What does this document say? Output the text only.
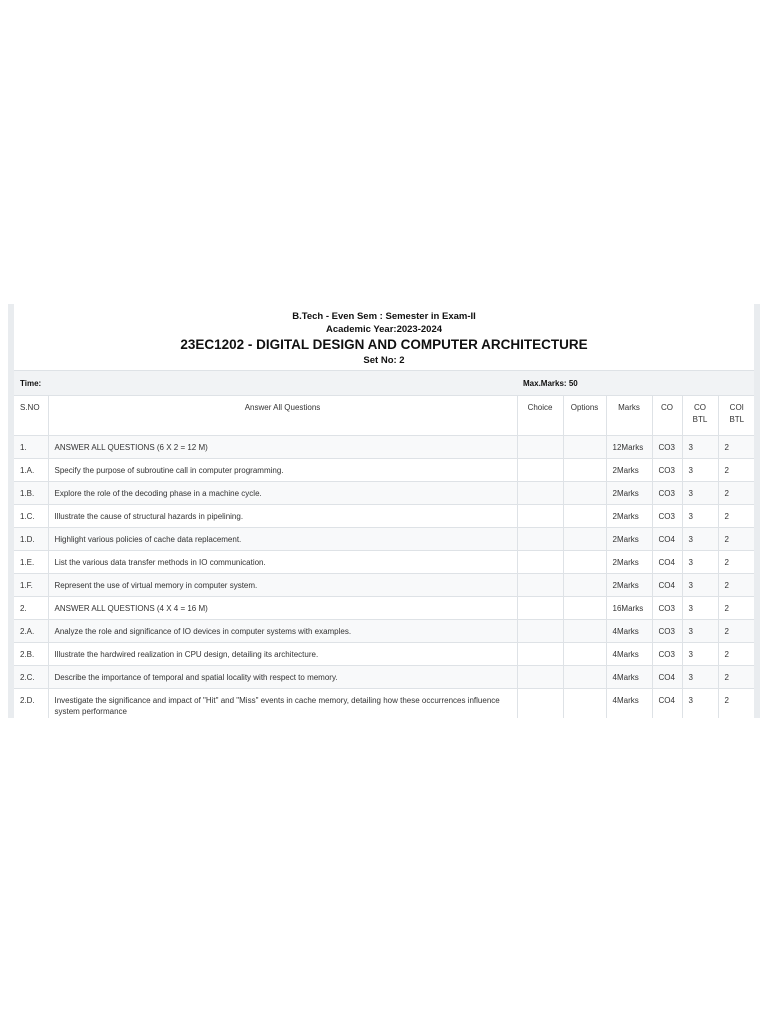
B.Tech - Even Sem : Semester in Exam-II
Academic Year:2023-2024
23EC1202 - DIGITAL DESIGN AND COMPUTER ARCHITECTURE
Set No: 2
Time:		Max.Marks: 50					
S.NO	Answer All Questions	Choice	Options	Marks	CO	CO BTL	COI BTL
1.	ANSWER ALL QUESTIONS (6 X 2 = 12 M)			12Marks	CO3	3	2
1.A.	Specify the purpose of subroutine call in computer programming.			2Marks	CO3	3	2
1.B.	Explore the role of the decoding phase in a machine cycle.			2Marks	CO3	3	2
1.C.	Illustrate the cause of structural hazards in pipelining.			2Marks	CO3	3	2
1.D.	Highlight various policies of cache data replacement.			2Marks	CO4	3	2
1.E.	List the various data transfer methods in IO communication.			2Marks	CO4	3	2
1.F.	Represent the use of virtual memory in computer system.			2Marks	CO4	3	2
2.	ANSWER ALL QUESTIONS (4 X 4 = 16 M)			16Marks	CO3	3	2
2.A.	Analyze the role and significance of IO devices in computer systems with examples.			4Marks	CO3	3	2
2.B.	Illustrate the hardwired realization in CPU design, detailing its architecture.			4Marks	CO3	3	2
2.C.	Describe the importance of temporal and spatial locality with respect to memory.			4Marks	CO4	3	2
2.D.	Investigate the significance and impact of "Hit" and "Miss" events in cache memory, detailing how these occurrences influence system performance			4Marks	CO4	3	2
